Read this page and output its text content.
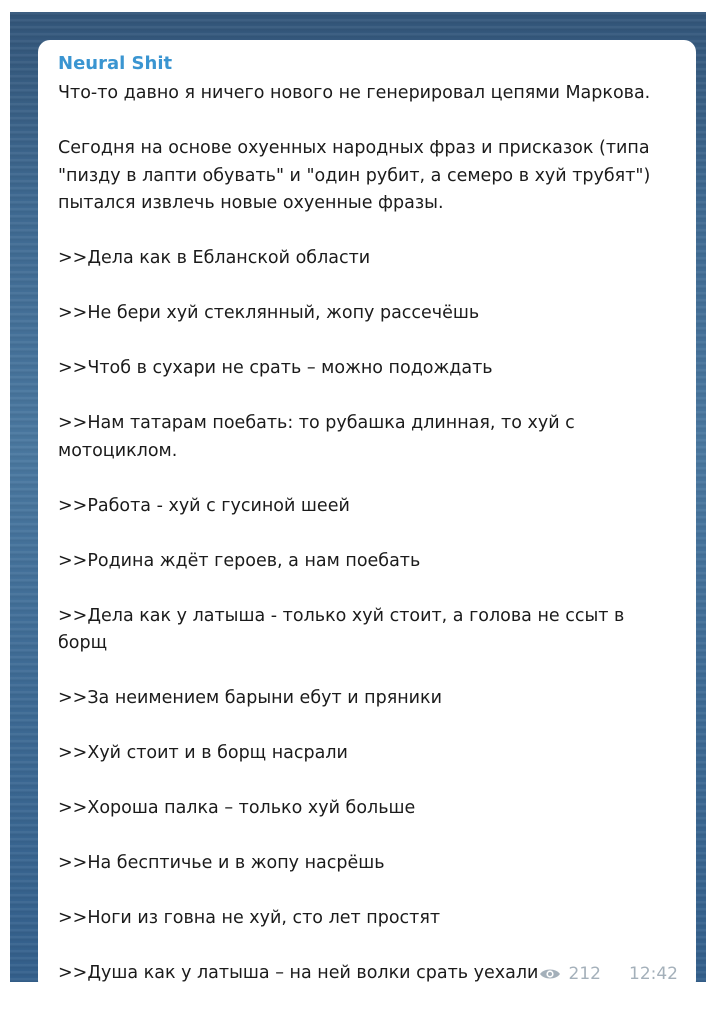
Neural Shit
Что-то давно я ничего нового не генерировал цепями Маркова.

Сегодня на основе охуенных народных фраз и присказок (типа "пизду в лапти обувать" и "один рубит, а семеро в хуй трубят") пытался извлечь новые охуенные фразы.

>>Дела как в Ебланской области

>>Не бери хуй стеклянный, жопу рассечёшь

>>Чтоб в сухари не срать – можно подождать

>>Нам татарам поебать: то рубашка длинная, то хуй с мотоциклом.

>>Работа - хуй с гусиной шеей

>>Родина ждёт героев, а нам поебать

>>Дела как у латыша - только хуй стоит, а голова не ссыт в борщ

>>За неимением барыни ебут и пряники

>>Хуй стоит и в борщ насрали

>>Хороша палка – только хуй больше

>>На бесптичье и в жопу насрёшь

>>Ноги из говна не хуй, сто лет простят

>>Душа как у латыша – на ней волки срать уехали	212 12:42
